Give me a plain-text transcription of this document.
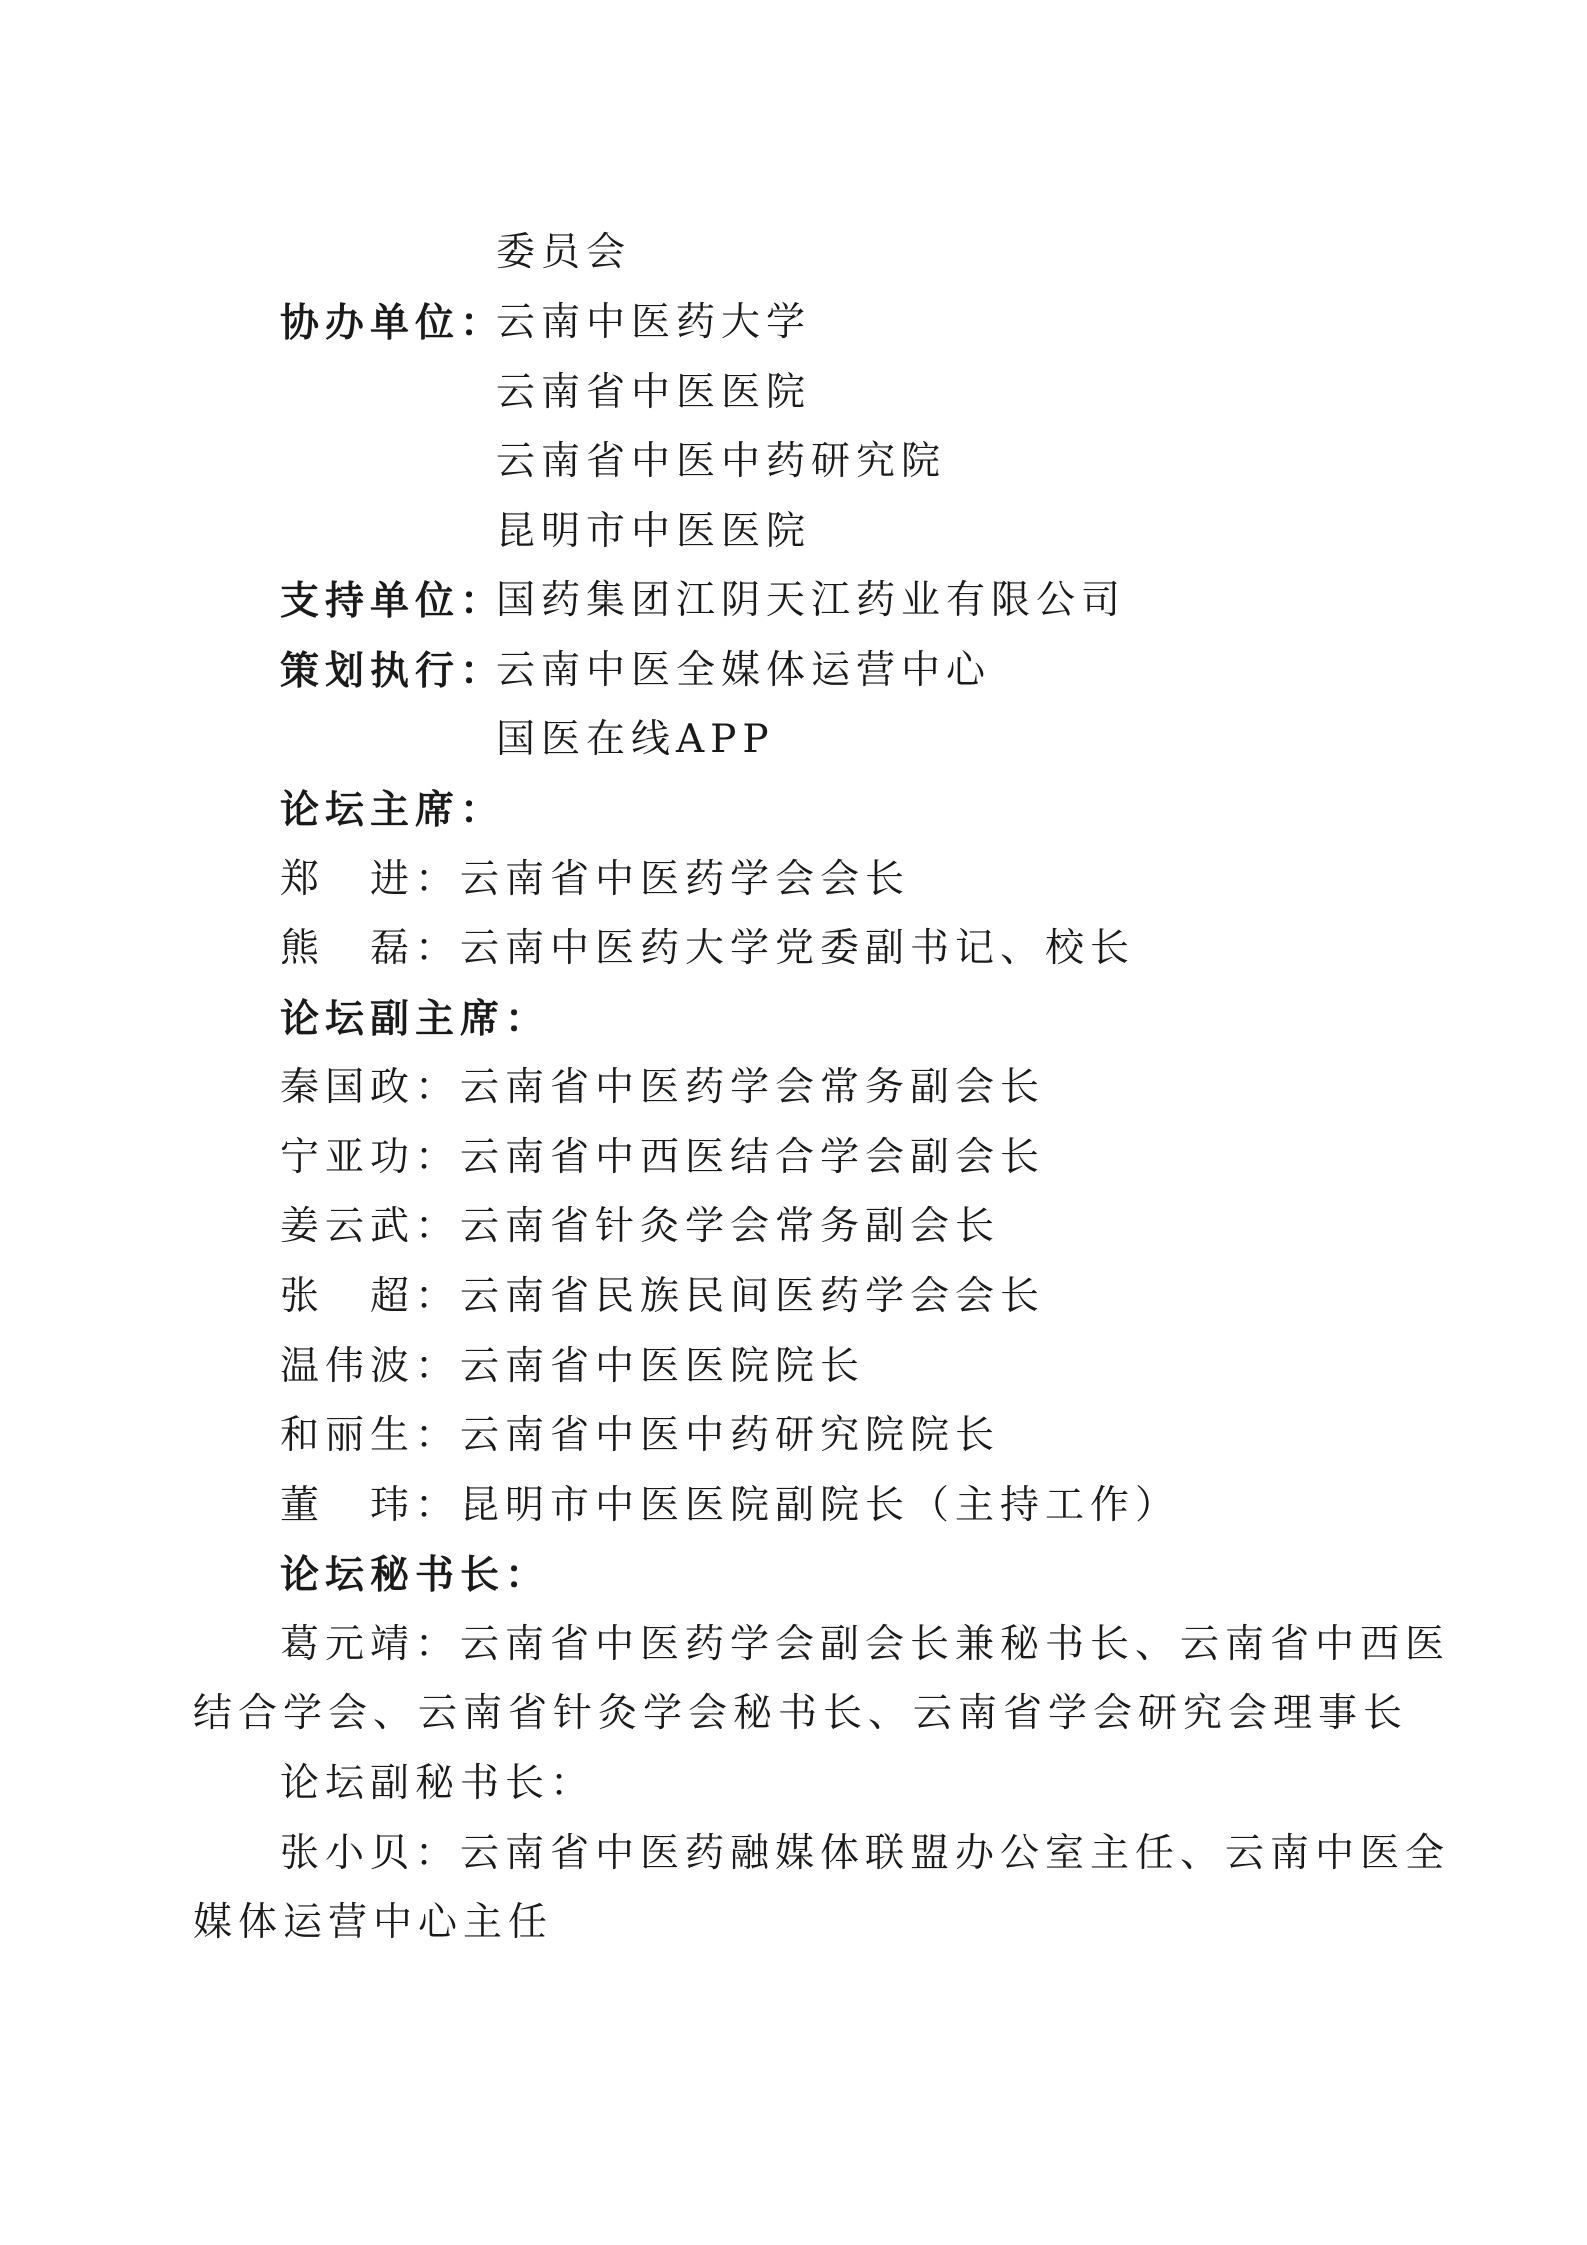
委员会
协办单位：
云南中医药大学
云南省中医医院
云南省中医中药研究院
昆明市中医医院
支持单位：
国药集团江阴天江药业有限公司
策划执行：
云南中医全媒体运营中心
国医在线APP
论坛主席：
郑　进：云南省中医药学会会长
熊　磊：云南中医药大学党委副书记、校长
论坛副主席：
秦国政：云南省中医药学会常务副会长
宁亚功：云南省中西医结合学会副会长
姜云武：云南省针灸学会常务副会长
张　超：云南省民族民间医药学会会长
温伟波：云南省中医医院院长
和丽生：云南省中医中药研究院院长
董　玮：昆明市中医医院副院长（主持工作）
论坛秘书长：
葛元靖：云南省中医药学会副会长兼秘书长、云南省中西医
结合学会、云南省针灸学会秘书长、云南省学会研究会理事长
论坛副秘书长：
张小贝：云南省中医药融媒体联盟办公室主任、云南中医全
媒体运营中心主任
